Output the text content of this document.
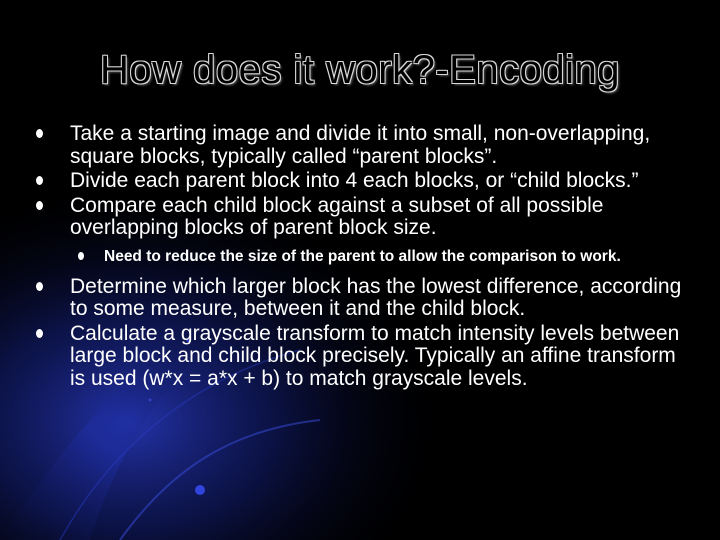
How does it work?-Encoding
Take a starting image and divide it into small, non-overlapping, square blocks, typically called “parent blocks”.
Divide each parent block into 4 each blocks, or “child blocks.”
Compare each child block against a subset of all possible overlapping blocks of parent block size.
Need to reduce the size of the parent to allow the comparison to work.
Determine which larger block has the lowest difference, according to some measure, between it and the child block.
Calculate a grayscale transform to match intensity levels between large block and child block precisely. Typically an affine transform is used (w*x = a*x + b) to match grayscale levels.
